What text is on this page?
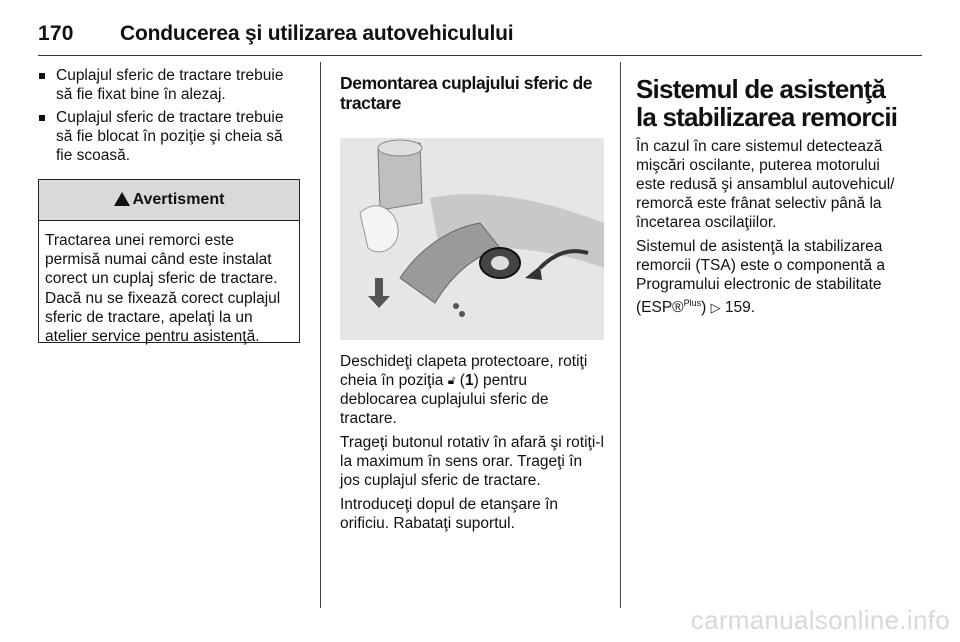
170 Conducerea şi utilizarea autovehiculului
Cuplajul sferic de tractare trebuie să fie fixat bine în alezaj.
Cuplajul sferic de tractare trebuie să fie blocat în poziţie şi cheia să fie scoasă.
Avertisment
Tractarea unei remorci este permisă numai când este instalat corect un cuplaj sferic de tractare. Dacă nu se fixează corect cuplajul sferic de tractare, apelaţi la un atelier service pentru asistenţă.
Demontarea cuplajului sferic de tractare

Deschideţi clapeta protectoare, rotiţi cheia în poziţia 🔓︎ (1) pentru deblocarea cuplajului sferic de tractare.

Trageţi butonul rotativ în afară şi rotiţi-l la maximum în sens orar. Trageţi în jos cuplajul sferic de tractare.

Introduceţi dopul de etanşare în orificiu. Rabataţi suportul.

Sistemul de asistenţă la stabilizarea remorcii

În cazul în care sistemul detectează mişcări oscilante, puterea motorului este redusă şi ansamblul autovehicul/ remorcă este frânat selectiv până la încetarea oscilaţiilor.

Sistemul de asistenţă la stabilizarea remorcii (TSA) este o componentă a Programului electronic de stabilitate (ESP®$^{Plus}$) ▷ 159.

carmanualsonline.info
